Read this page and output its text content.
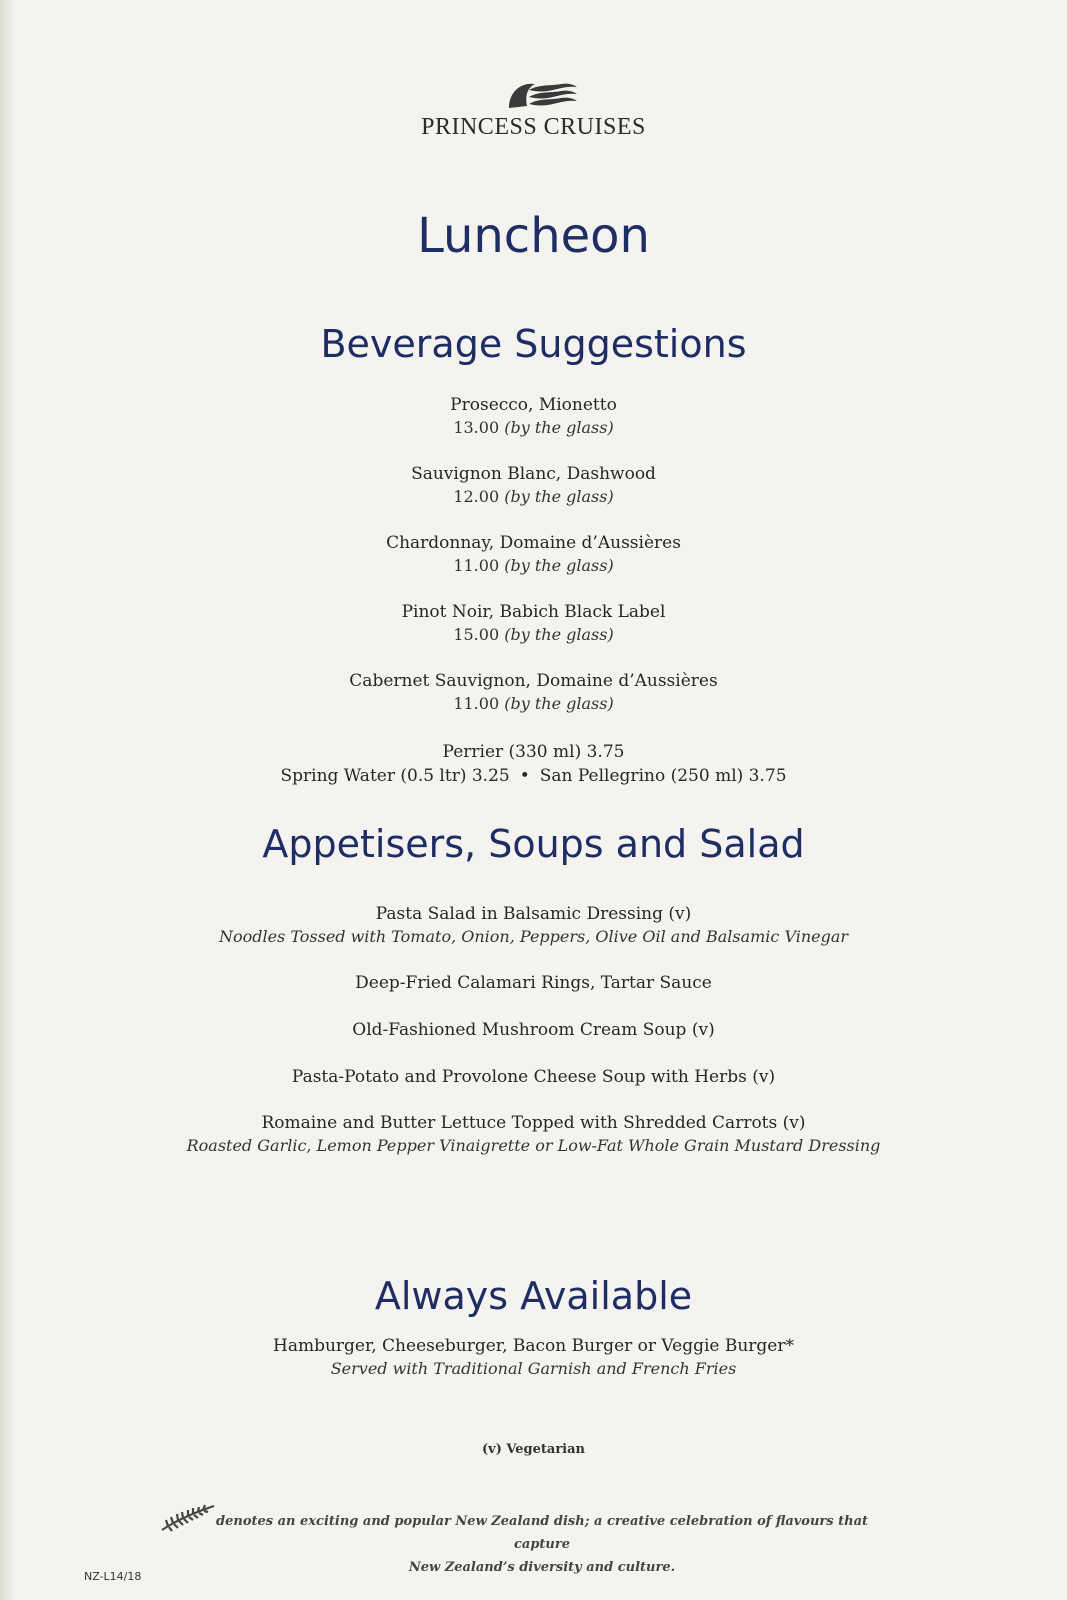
PRINCESS CRUISES
Luncheon
Beverage Suggestions
Prosecco, Mionetto
13.00 (by the glass)
Sauvignon Blanc, Dashwood
12.00 (by the glass)
Chardonnay, Domaine d’Aussières
11.00 (by the glass)
Pinot Noir, Babich Black Label
15.00 (by the glass)
Cabernet Sauvignon, Domaine d’Aussières
11.00 (by the glass)
Perrier (330 ml) 3.75
Spring Water (0.5 ltr) 3.25 • San Pellegrino (250 ml) 3.75
Appetisers, Soups and Salad
Pasta Salad in Balsamic Dressing (v)
Noodles Tossed with Tomato, Onion, Peppers, Olive Oil and Balsamic Vinegar
Deep-Fried Calamari Rings, Tartar Sauce
Old-Fashioned Mushroom Cream Soup (v)
Pasta-Potato and Provolone Cheese Soup with Herbs (v)
Romaine and Butter Lettuce Topped with Shredded Carrots (v)
Roasted Garlic, Lemon Pepper Vinaigrette or Low-Fat Whole Grain Mustard Dressing
Always Available
Hamburger, Cheeseburger, Bacon Burger or Veggie Burger*
Served with Traditional Garnish and French Fries
(v) Vegetarian
denotes an exciting and popular New Zealand dish; a creative celebration of flavours that capture
New Zealand’s diversity and culture.
NZ-L14/18
